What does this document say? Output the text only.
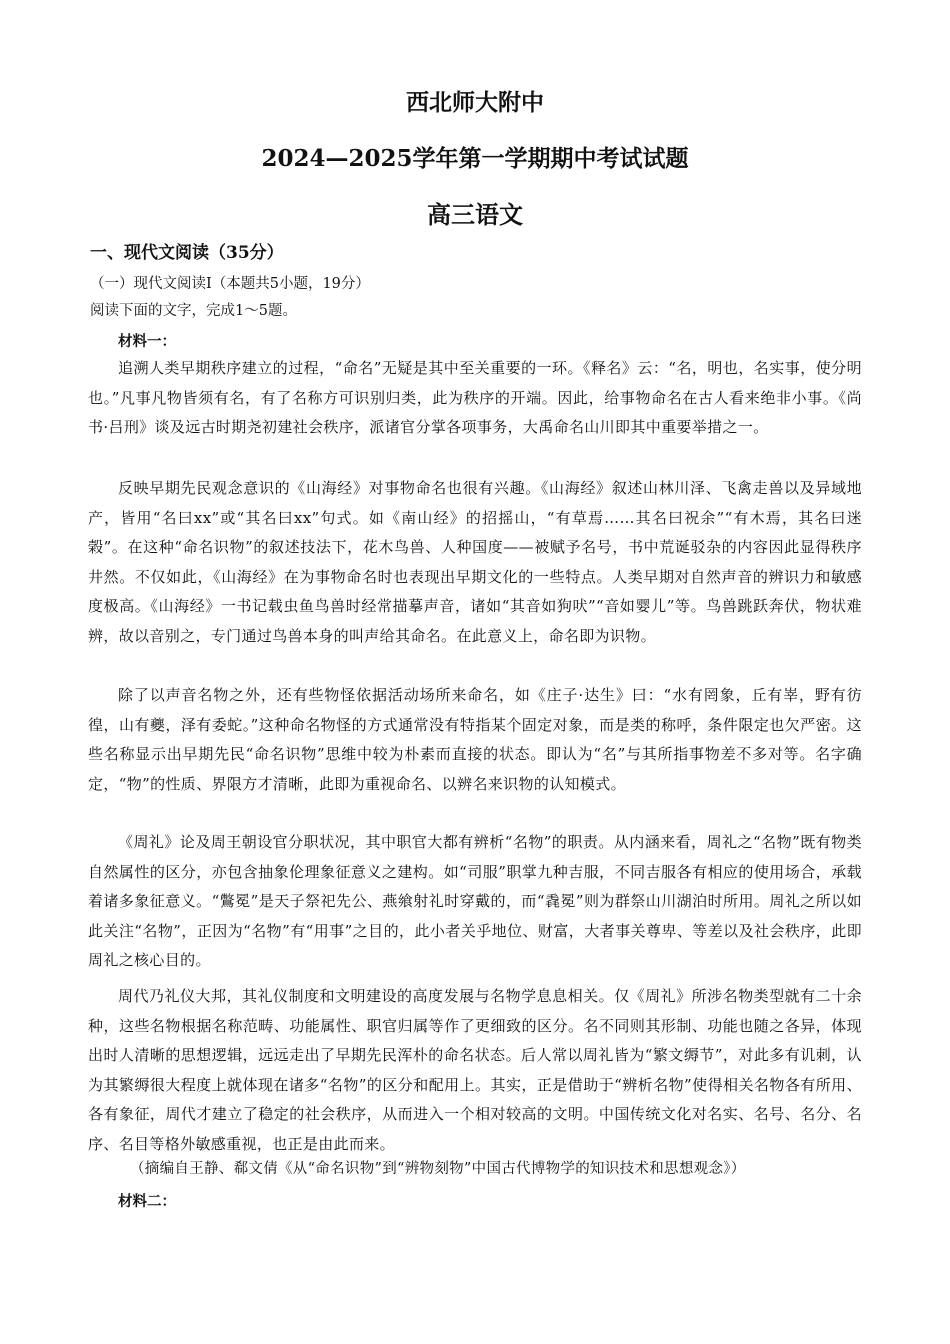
西北师大附中
2024—2025学年第一学期期中考试试题
高三语文
一、现代文阅读（35分）
（一）现代文阅读Ⅰ（本题共5小题，19分）
阅读下面的文字，完成1～5题。
材料一：

追溯人类早期秩序建立的过程，“命名”无疑是其中至关重要的一环。《释名》云：“名，明也，名实事，使分明也。”凡事凡物皆须有名，有了名称方可识别归类，此为秩序的开端。因此，给事物命名在古人看来绝非小事。《尚书·吕刑》谈及远古时期尧初建社会秩序，派诸官分掌各项事务，大禹命名山川即其中重要举措之一。

反映早期先民观念意识的《山海经》对事物命名也很有兴趣。《山海经》叙述山林川泽、飞禽走兽以及异域地产，皆用“名曰xx”或“其名曰xx”句式。如《南山经》的招摇山，“有草焉……其名曰祝余”“有木焉，其名曰迷榖”。在这种“命名识物”的叙述技法下，花木鸟兽、人种国度——被赋予名号，书中荒诞驳杂的内容因此显得秩序井然。不仅如此，《山海经》在为事物命名时也表现出早期文化的一些特点。人类早期对自然声音的辨识力和敏感度极高。《山海经》一书记载虫鱼鸟兽时经常描摹声音，诸如“其音如狗吠”“音如婴儿”等。鸟兽跳跃奔伏，物状难辨，故以音别之，专门通过鸟兽本身的叫声给其命名。在此意义上，命名即为识物。

除了以声音名物之外，还有些物怪依据活动场所来命名，如《庄子·达生》曰：“水有罔象，丘有峷，野有彷徨，山有夔，泽有委蛇。”这种命名物怪的方式通常没有特指某个固定对象，而是类的称呼，条件限定也欠严密。这些名称显示出早期先民“命名识物”思维中较为朴素而直接的状态。即认为“名”与其所指事物差不多对等。名字确定，“物”的性质、界限方才清晰，此即为重视命名、以辨名来识物的认知模式。

《周礼》论及周王朝设官分职状况，其中职官大都有辨析“名物”的职责。从内涵来看，周礼之“名物”既有物类自然属性的区分，亦包含抽象伦理象征意义之建构。如“司服”职掌九种吉服，不同吉服各有相应的使用场合，承载着诸多象征意义。“鷩冕”是天子祭祀先公、燕飨射礼时穿戴的，而“毳冕”则为群祭山川湖泊时所用。周礼之所以如此关注“名物”，正因为“名物”有“用事”之目的，此小者关乎地位、财富，大者事关尊卑、等差以及社会秩序，此即周礼之核心目的。

周代乃礼仪大邦，其礼仪制度和文明建设的高度发展与名物学息息相关。仅《周礼》所涉名物类型就有二十余种，这些名物根据名称范畴、功能属性、职官归属等作了更细致的区分。名不同则其形制、功能也随之各异，体现出时人清晰的思想逻辑，远远走出了早期先民浑朴的命名状态。后人常以周礼皆为“繁文缛节”，对此多有讥刺，认为其繁缛很大程度上就体现在诸多“名物”的区分和配用上。其实，正是借助于“辨析名物”使得相关名物各有所用、各有象征，周代才建立了稳定的社会秩序，从而进入一个相对较高的文明。中国传统文化对名实、名号、名分、名序、名目等格外敏感重视，也正是由此而来。

（摘编自王静、郗文倩《从“命名识物”到“辨物刻物”中国古代博物学的知识技术和思想观念》）
材料二：
